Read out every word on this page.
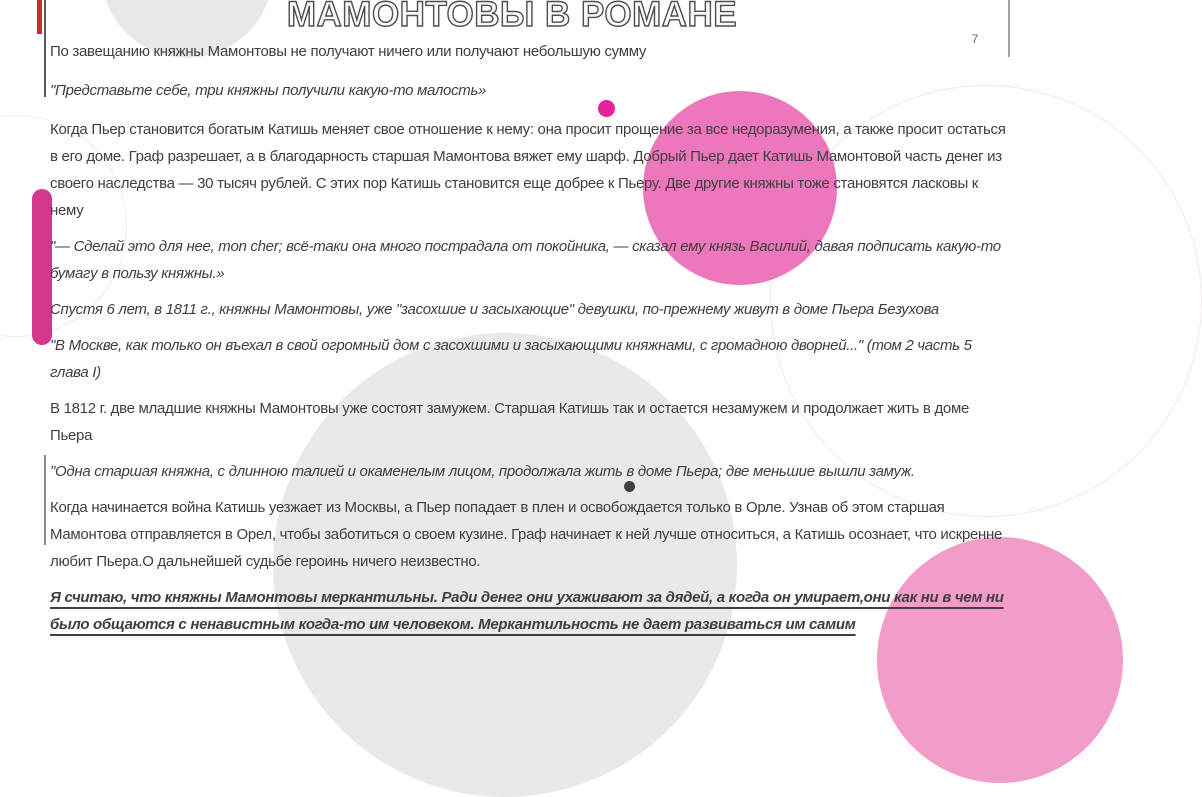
МАМОНТОВЫ В РОМАНЕ
7

По завещанию княжны Мамонтовы не получают ничего или получают небольшую сумму

"Представьте себе, три княжны получили какую-то малость»

Когда Пьер становится богатым Катишь меняет свое отношение к нему: она просит прощение за все недоразумения, а также просит остаться в его доме. Граф разрешает, а в благодарность старшая Мамонтова вяжет ему шарф. Добрый Пьер дает Катишь Мамонтовой часть денег из своего наследства — 30 тысяч рублей. С этих пор Катишь становится еще добрее к Пьеру. Две другие княжны тоже становятся ласковы к нему

"— Сделай это для нее, mon cher; всё-таки она много пострадала от покойника, — сказал ему князь Василий, давая подписать какую-то бумагу в пользу княжны.»

Спустя 6 лет, в 1811 г., княжны Мамонтовы, уже "засохшие и засыхающие" девушки, по-прежнему живут в доме Пьера Безухова

"В Москве, как только он въехал в свой огромный дом с засохшими и засыхающими княжнами, с громадною дворней..." (том 2 часть 5 глава I)

В 1812 г. две младшие княжны Мамонтовы уже состоят замужем. Старшая Катишь так и остается незамужем и продолжает жить в доме Пьера

"Одна старшая княжна, с длинною талией и окаменелым лицом, продолжала жить в доме Пьера; две меньшие вышли замуж.

Когда начинается война Катишь уезжает из Москвы, а Пьер попадает в плен и освобождается только в Орле. Узнав об этом старшая Мамонтова отправляется в Орел, чтобы заботиться о своем кузине. Граф начинает к ней лучше относиться, а Катишь осознает, что искренне любит Пьера.О дальнейшей судьбе героинь ничего неизвестно.

Я считаю, что княжны Мамонтовы меркантильны. Ради денег они ухаживают за дядей, а когда он умирает,они как ни в чем ни было общаются с ненавистным когда-то им человеком. Меркантильность не дает развиваться им самим
